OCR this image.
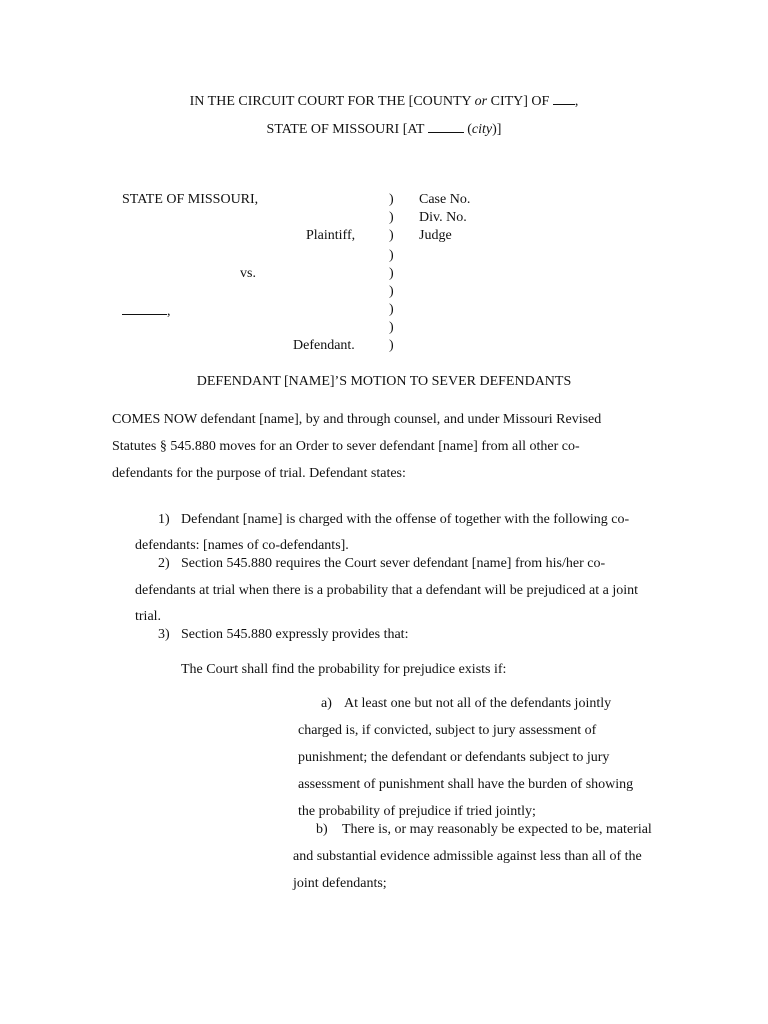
IN THE CIRCUIT COURT FOR THE [COUNTY or CITY] OF ,
STATE OF MISSOURI [AT	(city)]
STATE OF MISSOURI,
Plaintiff,
vs.
,
Defendant.
)
)
)
)
)
)
)
)
)
Case No.
Div. No.
Judge
DEFENDANT [NAME]’S MOTION TO SEVER DEFENDANTS
COMES NOW defendant [name], by and through counsel, and under Missouri Revised
Statutes § 545.880 moves for an Order to sever defendant [name] from all other co-
defendants for the purpose of trial. Defendant states:
1) Defendant [name] is charged with the offense of together with the following co-
defendants: [names of co-defendants].
2) Section 545.880 requires the Court sever defendant [name] from his/her co-
defendants at trial when there is a probability that a defendant will be prejudiced at a joint
trial.
3) Section 545.880 expressly provides that:
The Court shall find the probability for prejudice exists if:
a) At least one but not all of the defendants jointly
charged is, if convicted, subject to jury assessment of
punishment; the defendant or defendants subject to jury
assessment of punishment shall have the burden of showing
the probability of prejudice if tried jointly;
b) There is, or may reasonably be expected to be, material
and substantial evidence admissible against less than all of the
joint defendants;
